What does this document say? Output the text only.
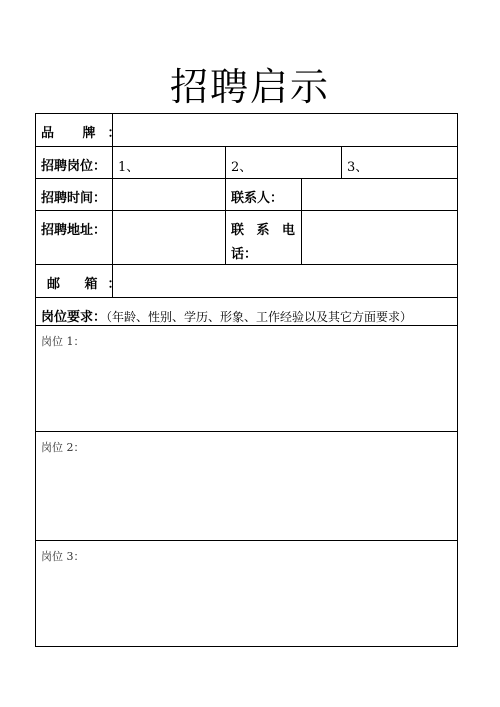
招聘启示
品 牌：				
招聘岗位：	1、	2、		3、
招聘时间：		联系人：		
招聘地址：		联 系 电
话：		

邮 箱：				
岗位要求：（年龄、性别、学历、形象、工作经验以及其它方面要求）				
岗位 1：				
岗位 2：				
岗位 3：				
